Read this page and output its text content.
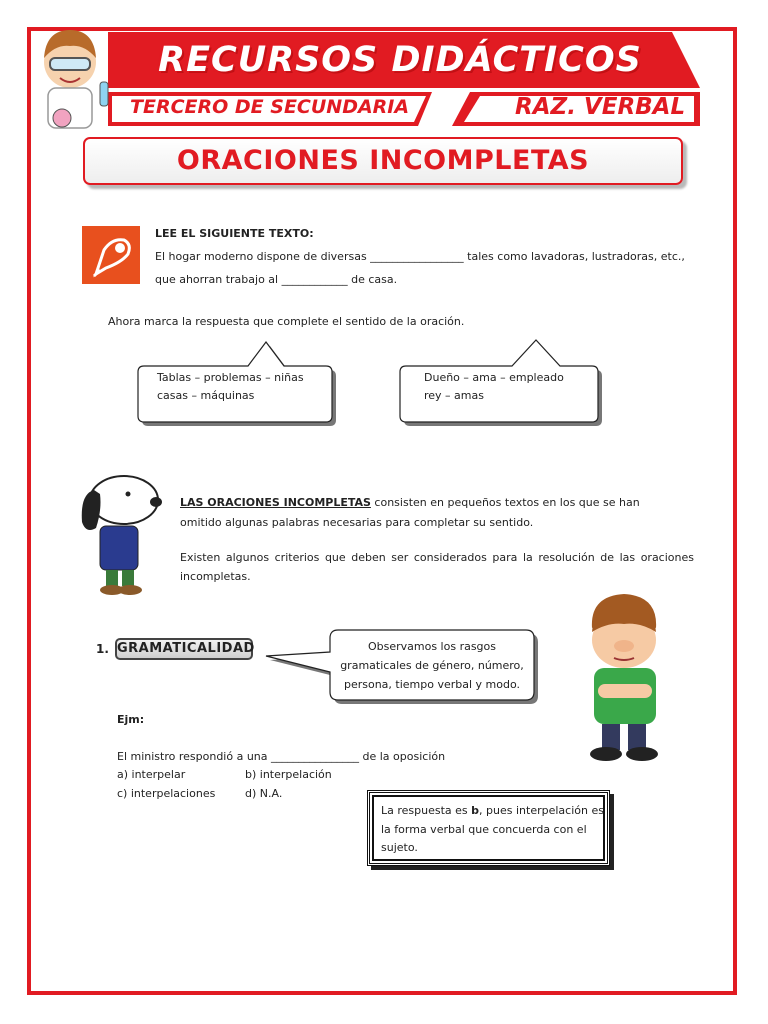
RECURSOS DIDÁCTICOS
TERCERO DE SECUNDARIA	RAZ. VERBAL
ORACIONES INCOMPLETAS
LEE EL SIGUIENTE TEXTO:
El hogar moderno dispone de diversas _________________ tales como lavadoras, lustradoras, etc.,
que ahorran trabajo al ____________ de casa.
Ahora marca la respuesta que complete el sentido de la oración.
Tablas – problemas – niñas
casas – máquinas
Dueño – ama – empleado
rey – amas
LAS ORACIONES INCOMPLETAS consisten en pequeños textos en los que se han
omitido algunas palabras necesarias para completar su sentido.
Existen algunos criterios que deben ser considerados para la resolución de las oraciones
incompletas.
1. GRAMATICALIDAD	Observamos los rasgos
gramaticales de género, número,
persona, tiempo verbal y modo.
Ejm:
El ministro respondió a una ________________ de la oposición
a) interpelar	b) interpelación
c) interpelaciones	d) N.A.
La respuesta es b, pues interpelación es
la forma verbal que concuerda con el
sujeto.
